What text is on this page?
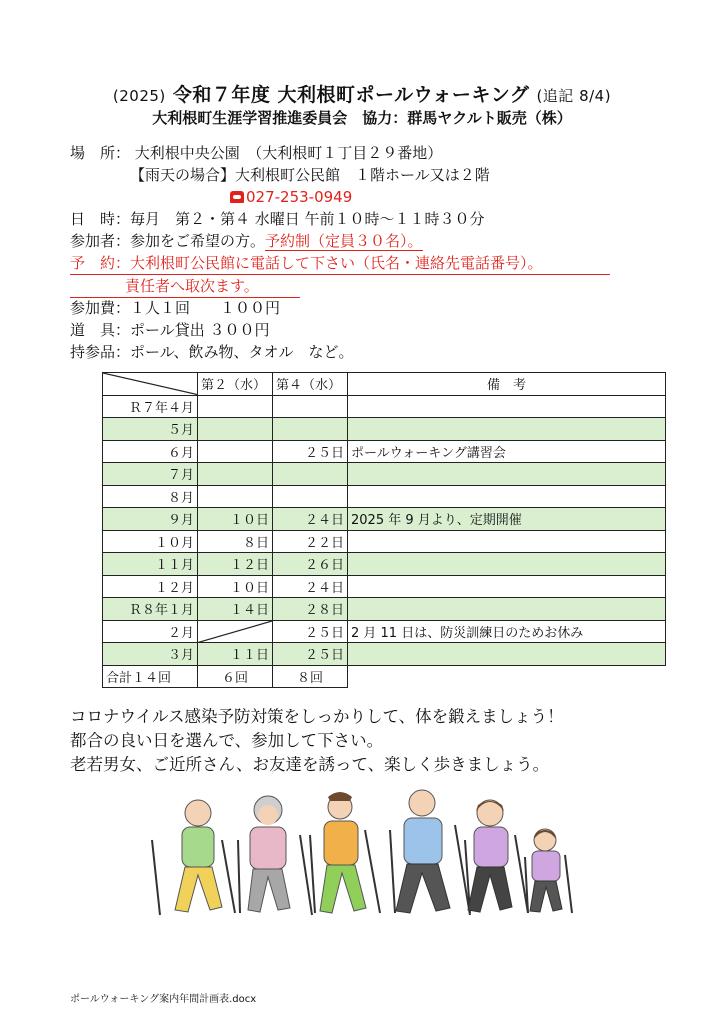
(2025) 令和７年度 大利根町ポールウォーキング (追記 8/4)
大利根町生涯学習推進委員会　協力：群馬ヤクルト販売（株）
場　所： 大利根中央公園　（大利根町１丁目２９番地）
【雨天の場合】大利根町公民館　１階ホール又は２階
027-253-0949
日　時：毎月　第２・第４ 水曜日 午前１０時～１１時３０分
参加者：参加をご希望の方。予約制（定員３０名）。
予　約：大利根町公民館に電話して下さい（氏名・連絡先電話番号）。
責任者へ取次ます。
参加費：１人１回　　１００円
道　具：ポール貸出 ３００円
持参品：ポール、飲み物、タオル　など。
	第２（水）	第４（水）	備　考
Ｒ７年４月			
５月			
６月		２５日	ポールウォーキング講習会
７月			
８月			
９月	１０日	２４日	2025 年 9 月より、定期開催
１０月	８日	２２日	
１１月	１２日	２６日	
１２月	１０日	２４日	
Ｒ８年１月	１４日	２８日	
２月		２５日	2 月 11 日は、防災訓練日のためお休み
３月	１１日	２５日	
合計１４回	６回	８回	
コロナウイルス感染予防対策をしっかりして、体を鍛えましょう！
都合の良い日を選んで、参加して下さい。
老若男女、ご近所さん、お友達を誘って、楽しく歩きましょう。
ポールウォーキング案内年間計画表.docx
